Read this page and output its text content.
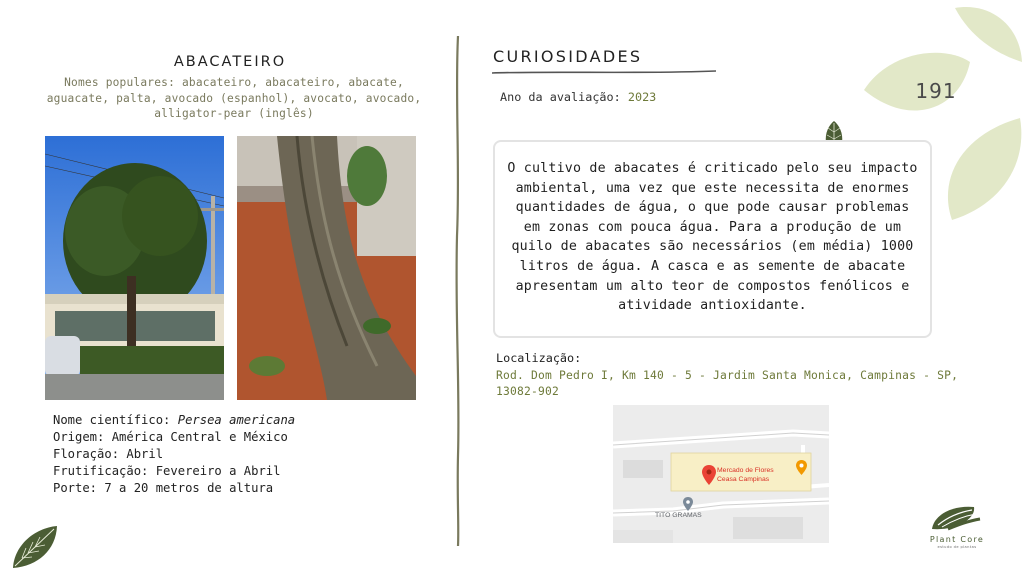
191
ABACATEIRO
Nomes populares: abacateiro, abacateiro, abacate, aguacate, palta, avocado (espanhol), avocato, avocado, alligator-pear (inglês)
Nome científico: Persea americana
Origem: América Central e México
Floração: Abril
Frutificação: Fevereiro a Abril
Porte: 7 a 20 metros de altura
CURIOSIDADES
Ano da avaliação: 2023
O cultivo de abacates é criticado pelo seu impacto ambiental, uma vez que este necessita de enormes quantidades de água, o que pode causar problemas em zonas com pouca água. Para a produção de um quilo de abacates são necessários (em média) 1000 litros de água. A casca e as semente de abacate apresentam um alto teor de compostos fenólicos e atividade antioxidante.
Localização:
Rod. Dom Pedro I, Km 140 - 5 - Jardim Santa Monica, Campinas - SP, 13082-902
Mercado de Flores
Ceasa Campinas
TITO GRAMAS
Plant Core
estudo de plantas
